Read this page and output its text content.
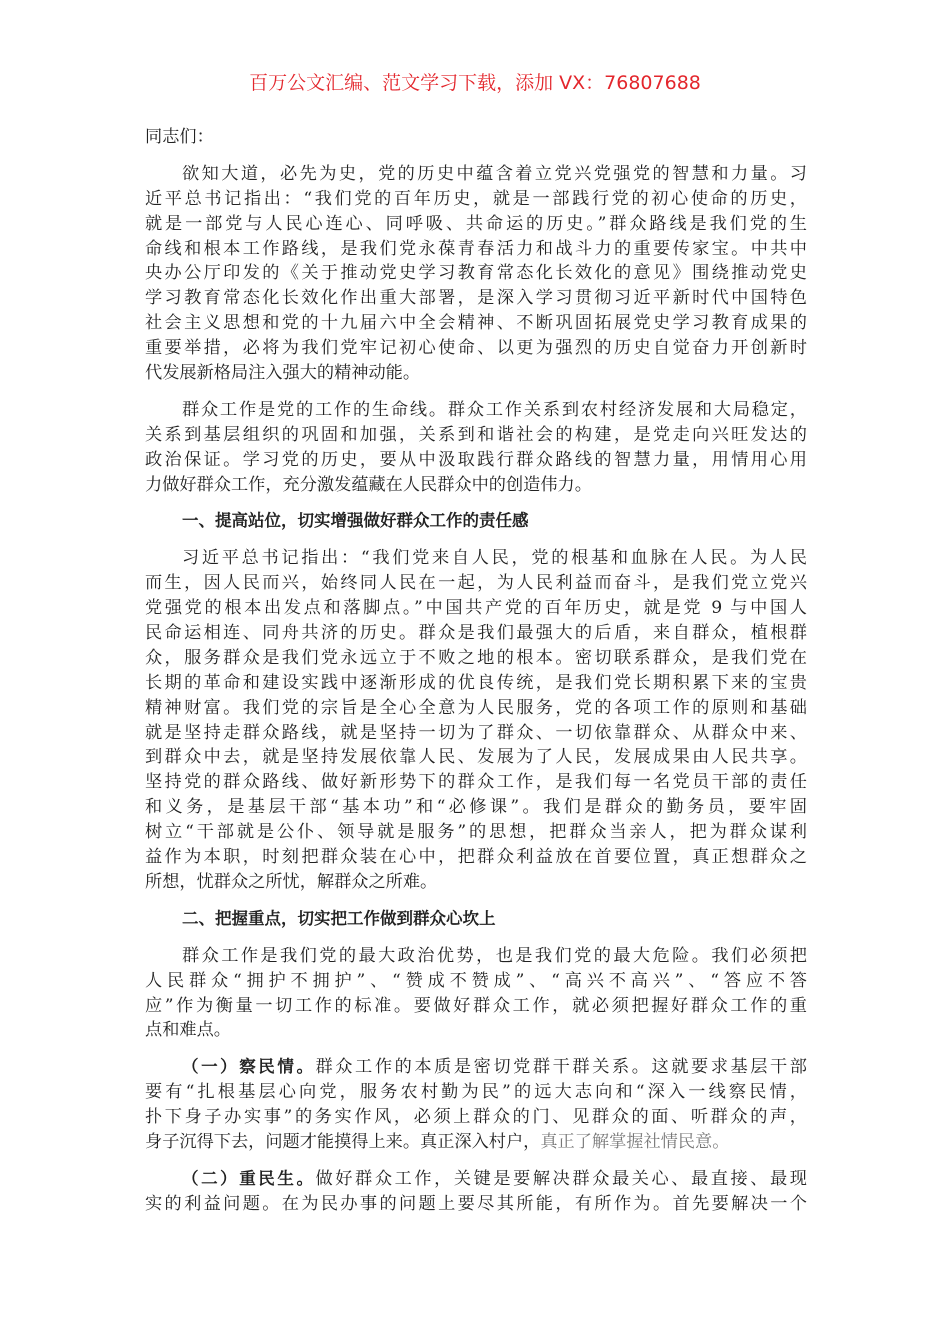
百万公文汇编、范文学习下载，添加 VX：76807688
同志们：
欲知大道，必先为史，党的历史中蕴含着立党兴党强党的智慧和力量。习
近平总书记指出：“我们党的百年历史，就是一部践行党的初心使命的历史，
就是一部党与人民心连心、同呼吸、共命运的历史。”群众路线是我们党的生
命线和根本工作路线，是我们党永葆青春活力和战斗力的重要传家宝。中共中
央办公厅印发的《关于推动党史学习教育常态化长效化的意见》围绕推动党史
学习教育常态化长效化作出重大部署，是深入学习贯彻习近平新时代中国特色
社会主义思想和党的十九届六中全会精神、不断巩固拓展党史学习教育成果的
重要举措，必将为我们党牢记初心使命、以更为强烈的历史自觉奋力开创新时
代发展新格局注入强大的精神动能。
群众工作是党的工作的生命线。群众工作关系到农村经济发展和大局稳定，
关系到基层组织的巩固和加强，关系到和谐社会的构建，是党走向兴旺发达的
政治保证。学习党的历史，要从中汲取践行群众路线的智慧力量，用情用心用
力做好群众工作，充分激发蕴藏在人民群众中的创造伟力。
一、提高站位，切实增强做好群众工作的责任感
习近平总书记指出：“我们党来自人民，党的根基和血脉在人民。为人民
而生，因人民而兴，始终同人民在一起，为人民利益而奋斗，是我们党立党兴
党强党的根本出发点和落脚点。”中国共产党的百年历史，就是党 9 与中国人
民命运相连、同舟共济的历史。群众是我们最强大的后盾，来自群众，植根群
众，服务群众是我们党永远立于不败之地的根本。密切联系群众，是我们党在
长期的革命和建设实践中逐渐形成的优良传统，是我们党长期积累下来的宝贵
精神财富。我们党的宗旨是全心全意为人民服务，党的各项工作的原则和基础
就是坚持走群众路线，就是坚持一切为了群众、一切依靠群众、从群众中来、
到群众中去，就是坚持发展依靠人民、发展为了人民，发展成果由人民共享。
坚持党的群众路线、做好新形势下的群众工作，是我们每一名党员干部的责任
和义务，是基层干部“基本功”和“必修课”。我们是群众的勤务员，要牢固
树立“干部就是公仆、领导就是服务”的思想，把群众当亲人，把为群众谋利
益作为本职，时刻把群众装在心中，把群众利益放在首要位置，真正想群众之
所想，忧群众之所忧，解群众之所难。
二、把握重点，切实把工作做到群众心坎上
群众工作是我们党的最大政治优势，也是我们党的最大危险。我们必须把
人民群众“拥护不拥护”、“赞成不赞成”、“高兴不高兴”、“答应不答
应”作为衡量一切工作的标准。要做好群众工作，就必须把握好群众工作的重
点和难点。
（一）察民情。群众工作的本质是密切党群干群关系。这就要求基层干部
要有“扎根基层心向党，服务农村勤为民”的远大志向和“深入一线察民情，
扑下身子办实事”的务实作风，必须上群众的门、见群众的面、听群众的声，
身子沉得下去，问题才能摸得上来。真正深入村户，真正了解掌握社情民意。
（二）重民生。做好群众工作，关键是要解决群众最关心、最直接、最现
实的利益问题。在为民办事的问题上要尽其所能，有所作为。首先要解决一个
